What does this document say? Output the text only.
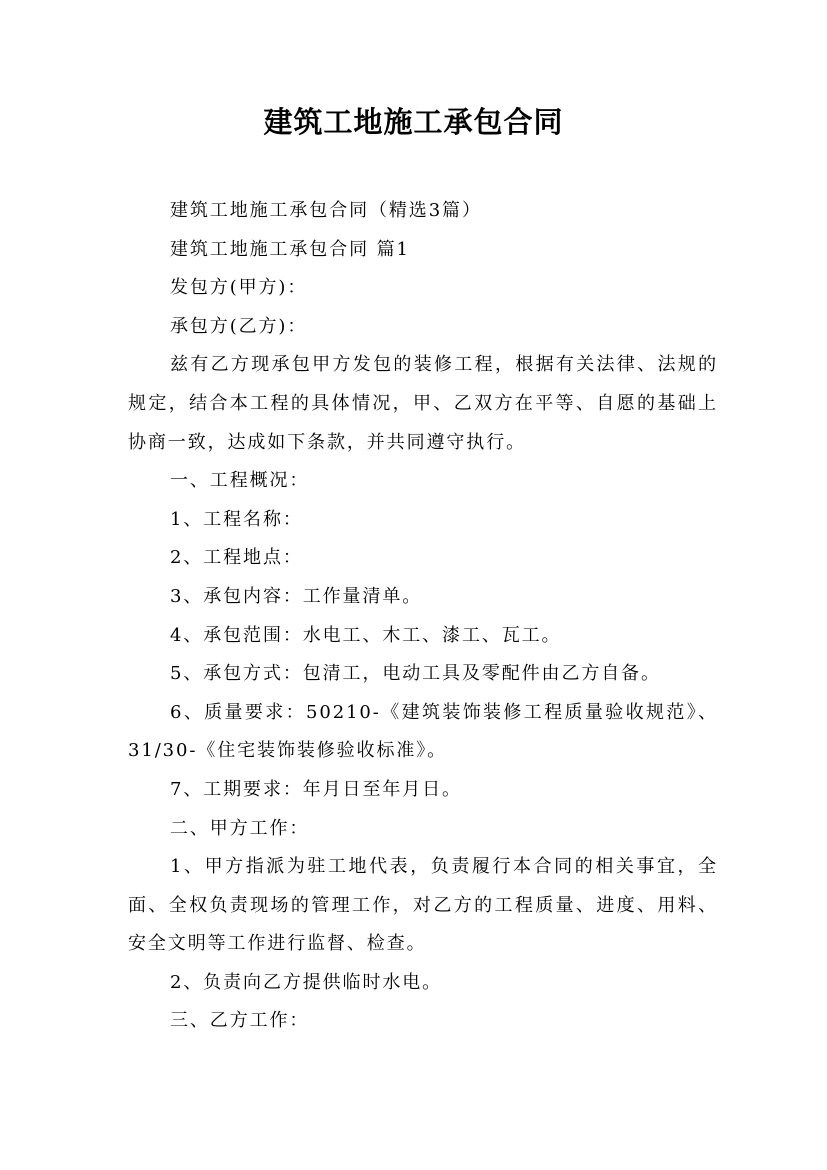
建筑工地施工承包合同

建筑工地施工承包合同（精选3篇）

建筑工地施工承包合同 篇1

发包方(甲方)：

承包方(乙方)：

兹有乙方现承包甲方发包的装修工程，根据有关法律、法规的规定，结合本工程的具体情况，甲、乙双方在平等、自愿的基础上协商一致，达成如下条款，并共同遵守执行。

一、工程概况：

1、工程名称：

2、工程地点：

3、承包内容：工作量清单。

4、承包范围：水电工、木工、漆工、瓦工。

5、承包方式：包清工，电动工具及零配件由乙方自备。

6、质量要求：50210-《建筑装饰装修工程质量验收规范》、31/30-《住宅装饰装修验收标准》。

7、工期要求：年月日至年月日。

二、甲方工作：

1、甲方指派为驻工地代表，负责履行本合同的相关事宜，全面、全权负责现场的管理工作，对乙方的工程质量、进度、用料、安全文明等工作进行监督、检查。

2、负责向乙方提供临时水电。

三、乙方工作：
